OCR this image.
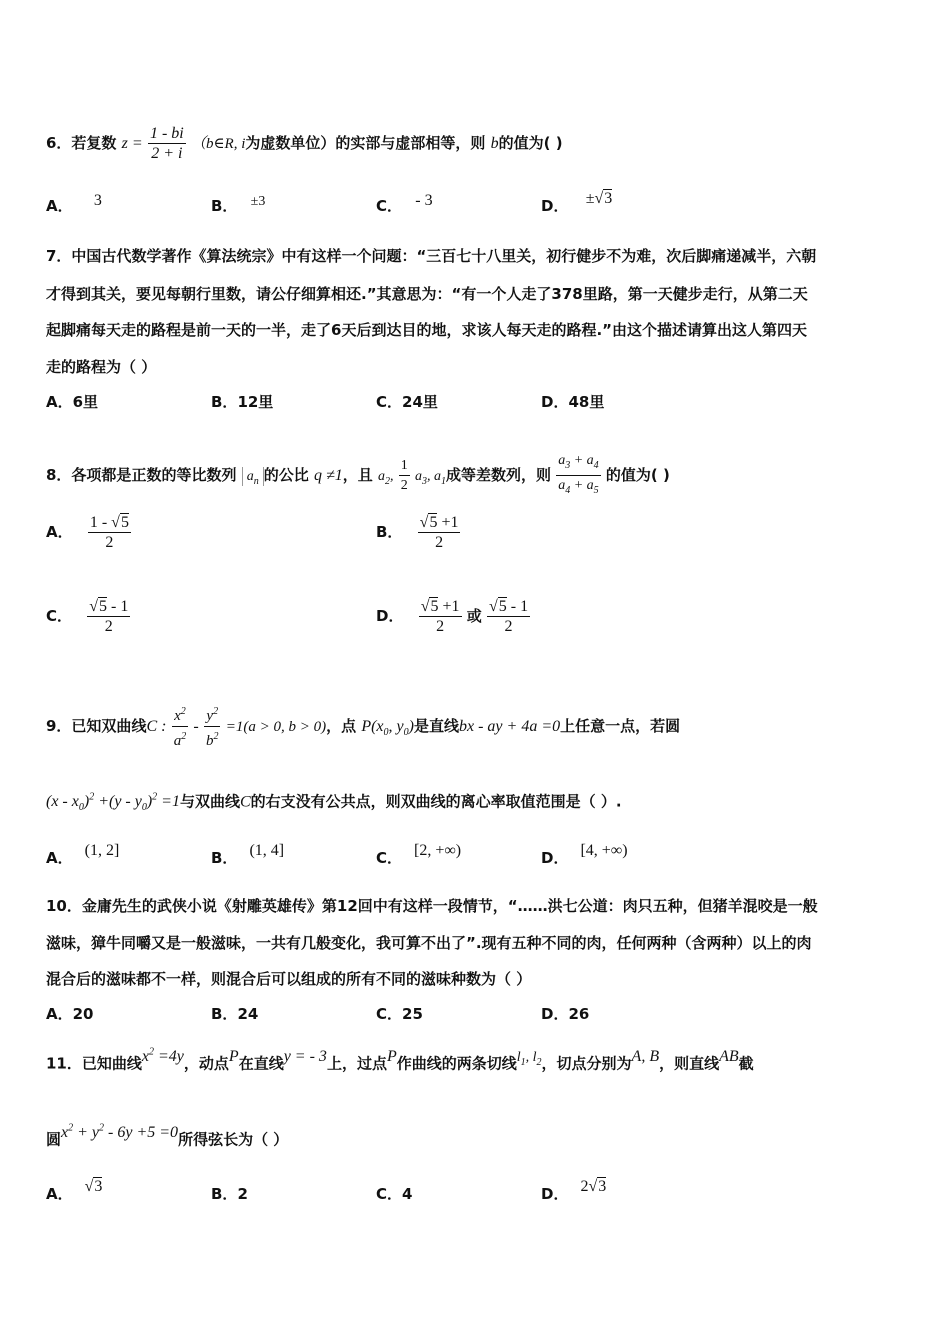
6．若复数 $z = \frac{1 - bi}{2 + i}$ （b∈R, i为虚数单位）的实部与虚部相等，则 b的值为( )
A． 3	B． ±3	C． - 3	D． ±√3
7．中国古代数学著作《算法统宗》中有这样一个问题：“三百七十八里关，初行健步不为难，次后脚痛递减半，六朝
才得到其关，要见每朝行里数，请公仔细算相还.”其意思为：“有一个人走了378里路，第一天健步走行，从第二天
起脚痛每天走的路程是前一天的一半，走了6天后到达目的地，求该人每天走的路程.”由这个描述请算出这人第四天
走的路程为（ ）
A．6里	B．12里	C．24里	D．48里
8．各项都是正数的等比数列 $a_n$ 的公比 q ≠1，且 $a_2$, $\frac{1}{2} a_3$, $a_1$成等差数列，则 $\frac{a_3 + a_4}{a_4 + a_5}$ 的值为( )
A． $\frac{1 - √5}{2}$	B． $\frac{√5 +1}{2}$
C． $\frac{√5 - 1}{2}$	D． $\frac{√5 +1}{2}$ 或 $\frac{√5 - 1}{2}$
9．已知双曲线C : $\frac{x^2}{a^2} - \frac{y^2}{b^2} =1(a > 0$, b > 0)，点 $P(x_0$, $y_0$)是直线bx - ay + 4a =0上任意一点，若圆
$(x - x_0)^2 +(y - y_0)^2 =1$与双曲线C的右支没有公共点，则双曲线的离心率取值范围是（ ）.
A． (1, 2]	B． (1, 4]	C． [2, +∞)	D． [4, +∞)
10．金庸先生的武侠小说《射雕英雄传》第12回中有这样一段情节，“……洪七公道：肉只五种，但猪羊混咬是一般
滋味，獐牛同嚼又是一般滋味，一共有几般变化，我可算不出了”.现有五种不同的肉，任何两种（含两种）以上的肉
混合后的滋味都不一样，则混合后可以组成的所有不同的滋味种数为（ ）
A．20	B．24	C．25	D．26
11．已知曲线$x^2 =4y$，动点P在直线y = - 3上，过点P作曲线的两条切线$l_1$, $l_2$，切点分别为A, B，则直线AB截
圆$x^2 + y^2 - 6y +5 =0$所得弦长为（ ）
A． √3	B．2	C．4	D． 2√3
